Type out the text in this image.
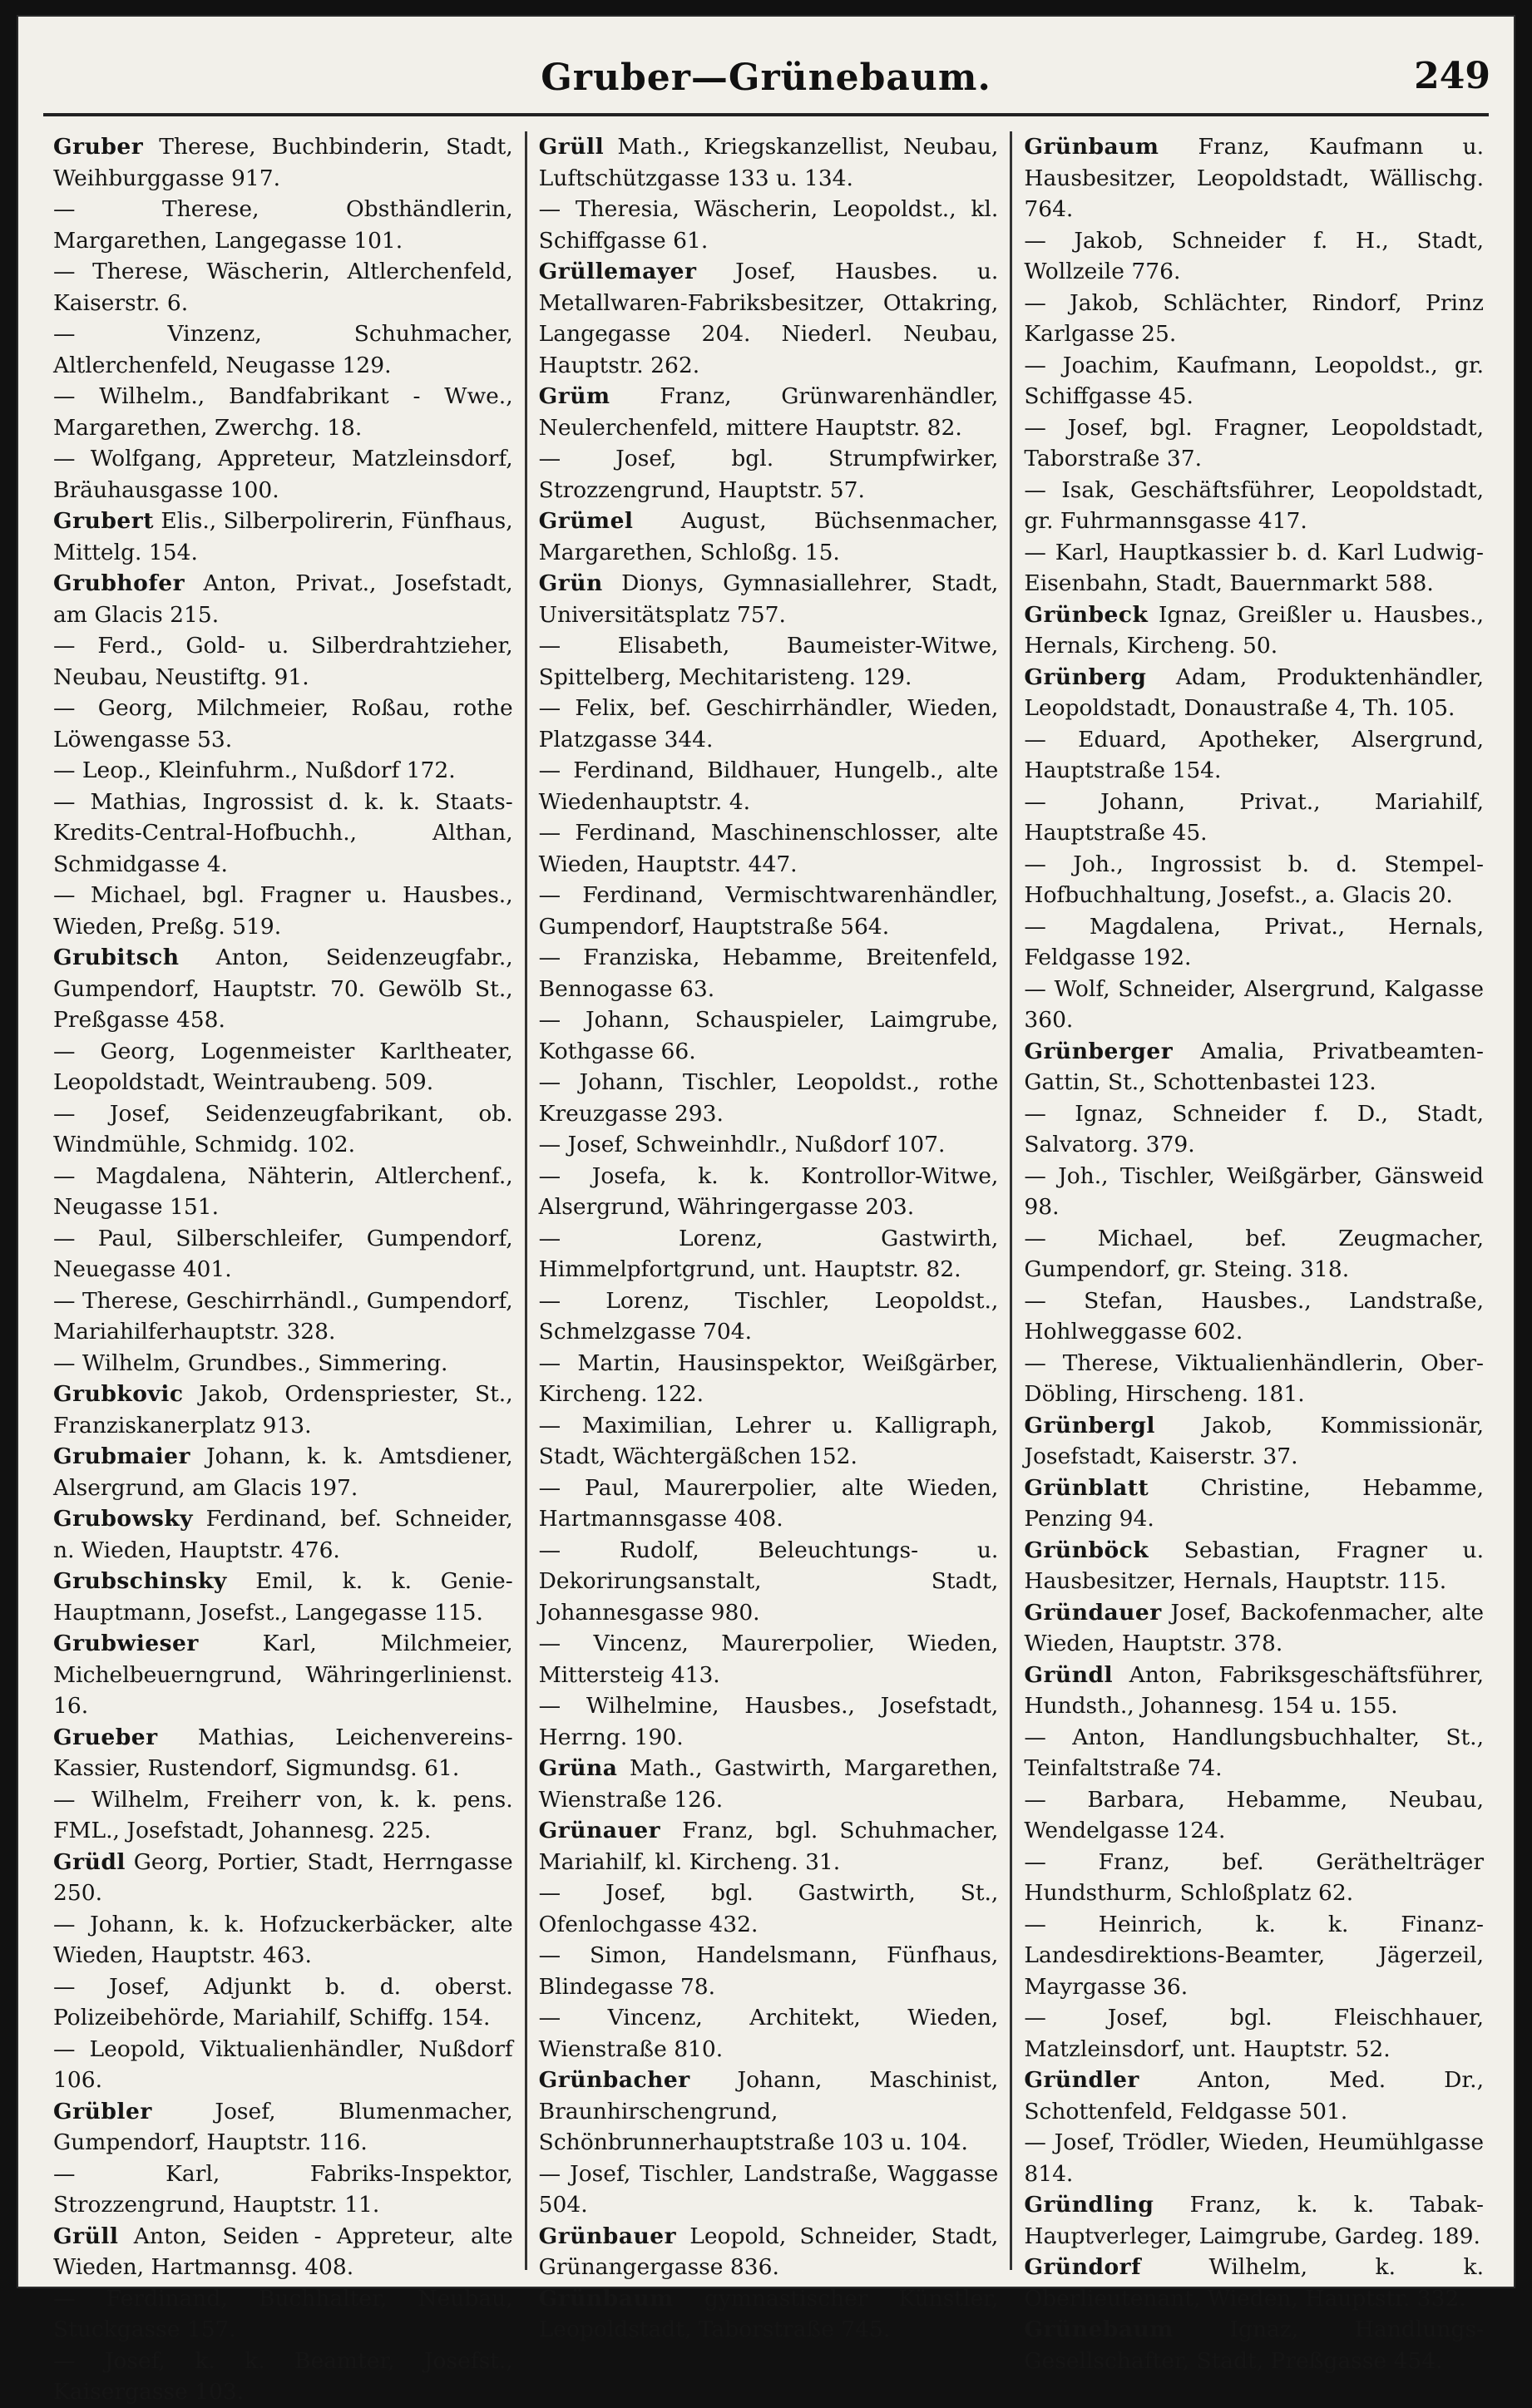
Gruber—Grünebaum.	249

Gruber Therese, Buchbinderin, Stadt, Weihburggasse 917.

— Therese, Obsthändlerin, Margarethen, Langegasse 101.

— Therese, Wäscherin, Altlerchenfeld, Kaiserstr. 6.

— Vinzenz, Schuhmacher, Altlerchenfeld, Neugasse 129.

— Wilhelm., Bandfabrikant - Wwe., Margarethen, Zwerchg. 18.

— Wolfgang, Appreteur, Matzleinsdorf, Bräuhausgasse 100.

Grubert Elis., Silberpolirerin, Fünfhaus, Mittelg. 154.

Grubhofer Anton, Privat., Josefstadt, am Glacis 215.

— Ferd., Gold- u. Silberdrahtzieher, Neubau, Neustiftg. 91.

— Georg, Milchmeier, Roßau, rothe Löwengasse 53.

— Leop., Kleinfuhrm., Nußdorf 172.

— Mathias, Ingrossist d. k. k. Staats-Kredits-Central-Hofbuchh., Althan, Schmidgasse 4.

— Michael, bgl. Fragner u. Hausbes., Wieden, Preßg. 519.

Grubitsch Anton, Seidenzeugfabr., Gumpendorf, Hauptstr. 70. Gewölb St., Preßgasse 458.

— Georg, Logenmeister Karltheater, Leopoldstadt, Weintraubeng. 509.

— Josef, Seidenzeugfabrikant, ob. Windmühle, Schmidg. 102.

— Magdalena, Nähterin, Altlerchenf., Neugasse 151.

— Paul, Silberschleifer, Gumpendorf, Neuegasse 401.

— Therese, Geschirrhändl., Gumpendorf, Mariahilferhauptstr. 328.

— Wilhelm, Grundbes., Simmering.

Grubkovic Jakob, Ordenspriester, St., Franziskanerplatz 913.

Grubmaier Johann, k. k. Amtsdiener, Alsergrund, am Glacis 197.

Grubowsky Ferdinand, bef. Schneider, n. Wieden, Hauptstr. 476.

Grubschinsky Emil, k. k. Genie-Hauptmann, Josefst., Langegasse 115.

Grubwieser	Karl, Milchmeier, Michelbeuerngrund, Währingerlinienst. 16.

Grueber Mathias, Leichenvereins-Kassier, Rustendorf, Sigmundsg. 61.

— Wilhelm, Freiherr von, k. k. pens. FML., Josefstadt, Johannesg. 225.

Grüdl Georg, Portier, Stadt, Herrngasse 250.

— Johann, k. k. Hofzuckerbäcker, alte Wieden, Hauptstr. 463.

— Josef, Adjunkt b. d. oberst. Polizeibehörde, Mariahilf, Schiffg. 154.

— Leopold, Viktualienhändler, Nußdorf 106.

Grübler	Josef, Blumenmacher, Gumpendorf, Hauptstr. 116.

— Karl, Fabriks-Inspektor, Strozzengrund, Hauptstr. 11.

Grüll Anton, Seiden - Appreteur, alte Wieden, Hartmannsg. 408.

— Ferdinand, Buchhalter, Neubau, Stuckgasse 157.

— Josef, k. k. Beamter, Josefst., Kaisergasse 103.

Grüll Math., Kriegskanzellist, Neubau, Luftschützgasse 133 u. 134.

— Theresia, Wäscherin, Leopoldst., kl. Schiffgasse 61.

Grüllemayer Josef, Hausbes. u. Metallwaren-Fabriksbesitzer, Ottakring, Langegasse 204. Niederl. Neubau, Hauptstr. 262.

Grüm Franz, Grünwarenhändler, Neulerchenfeld, mittere Hauptstr. 82.

— Josef, bgl. Strumpfwirker, Strozzengrund, Hauptstr. 57.

Grümel August, Büchsenmacher, Margarethen, Schloßg. 15.

Grün Dionys, Gymnasiallehrer, Stadt, Universitätsplatz 757.

— Elisabeth, Baumeister-Witwe, Spittelberg, Mechitaristeng. 129.

— Felix, bef. Geschirrhändler, Wieden, Platzgasse 344.

— Ferdinand, Bildhauer, Hungelb., alte Wiedenhauptstr. 4.

— Ferdinand, Maschinenschlosser, alte Wieden, Hauptstr. 447.

— Ferdinand, Vermischtwarenhändler, Gumpendorf, Hauptstraße 564.

— Franziska, Hebamme, Breitenfeld, Bennogasse 63.

— Johann, Schauspieler, Laimgrube, Kothgasse 66.

— Johann, Tischler, Leopoldst., rothe Kreuzgasse 293.

— Josef, Schweinhdlr., Nußdorf 107.

— Josefa, k. k. Kontrollor-Witwe, Alsergrund, Währingergasse 203.

— Lorenz, Gastwirth, Himmelpfortgrund, unt. Hauptstr. 82.

— Lorenz, Tischler, Leopoldst., Schmelzgasse 704.

— Martin, Hausinspektor, Weißgärber, Kircheng. 122.

— Maximilian, Lehrer u. Kalligraph, Stadt, Wächtergäßchen 152.

— Paul, Maurerpolier, alte Wieden, Hartmannsgasse 408.

— Rudolf, Beleuchtungs- u. Dekorirungsanstalt, Stadt, Johannesgasse 980.

— Vincenz, Maurerpolier, Wieden, Mittersteig 413.

— Wilhelmine, Hausbes., Josefstadt, Herrng. 190.

Grüna Math., Gastwirth, Margarethen, Wienstraße 126.

Grünauer Franz, bgl. Schuhmacher, Mariahilf, kl. Kircheng. 31.

— Josef, bgl. Gastwirth, St., Ofenlochgasse 432.

— Simon, Handelsmann, Fünfhaus, Blindegasse 78.

— Vincenz, Architekt, Wieden, Wienstraße 810.

Grünbacher Johann, Maschinist, Braunhirschengrund, Schönbrunnerhauptstraße 103 u. 104.

— Josef, Tischler, Landstraße, Waggasse 504.

Grünbauer Leopold, Schneider, Stadt, Grünangergasse 836.

Grünbaum gymnastischer Künstler, Leopoldstadt, Taborstraße 745.

Grünbaum Franz, Kaufmann u. Hausbesitzer, Leopoldstadt, Wällischg. 764.

— Jakob, Schneider f. H., Stadt, Wollzeile 776.

— Jakob, Schlächter, Rindorf, Prinz Karlgasse 25.

— Joachim, Kaufmann, Leopoldst., gr. Schiffgasse 45.

— Josef, bgl. Fragner, Leopoldstadt, Taborstraße 37.

— Isak, Geschäftsführer, Leopoldstadt, gr. Fuhrmannsgasse 417.

— Karl, Hauptkassier b. d. Karl Ludwig-Eisenbahn, Stadt, Bauernmarkt 588.

Grünbeck Ignaz, Greißler u. Hausbes., Hernals, Kircheng. 50.

Grünberg Adam, Produktenhändler, Leopoldstadt, Donaustraße 4, Th. 105.

— Eduard, Apotheker, Alsergrund, Hauptstraße 154.

— Johann, Privat., Mariahilf, Hauptstraße 45.

— Joh., Ingrossist b. d. Stempel-Hofbuchhaltung, Josefst., a. Glacis 20.

— Magdalena, Privat., Hernals, Feldgasse 192.

— Wolf, Schneider, Alsergrund, Kalgasse 360.

Grünberger Amalia, Privatbeamten-Gattin, St., Schottenbastei 123.

— Ignaz, Schneider f. D., Stadt, Salvatorg. 379.

— Joh., Tischler, Weißgärber, Gänsweid 98.

— Michael, bef. Zeugmacher, Gumpendorf, gr. Steing. 318.

— Stefan, Hausbes., Landstraße, Hohlweggasse 602.

— Therese, Viktualienhändlerin, Ober-Döbling, Hirscheng. 181.

Grünbergl Jakob, Kommissionär, Josefstadt, Kaiserstr. 37.

Grünblatt Christine, Hebamme, Penzing 94.

Grünböck Sebastian, Fragner u. Hausbesitzer, Hernals, Hauptstr. 115.

Gründauer Josef, Backofenmacher, alte Wieden, Hauptstr. 378.

Gründl Anton, Fabriksgeschäftsführer, Hundsth., Johannesg. 154 u. 155.

— Anton, Handlungsbuchhalter, St., Teinfaltstraße 74.

— Barbara, Hebamme, Neubau, Wendelgasse 124.

— Franz, bef. Geräthelträger Hundsthurm, Schloßplatz 62.

— Heinrich, k. k. Finanz-Landesdirektions-Beamter, Jägerzeil, Mayrgasse 36.

— Josef, bgl. Fleischhauer, Matzleinsdorf, unt. Hauptstr. 52.

Gründler	Anton, Med. Dr., Schottenfeld, Feldgasse 501.

— Josef, Trödler, Wieden, Heumühlgasse 814.

Gründling Franz, k. k. Tabak-Hauptverleger, Laimgrube, Gardeg. 189.

Gründorf	Wilhelm, k. k. Oberlieutenant, Wieden, Hauptstr. 332.

Grünebaum	Ignaz, Handlungs-Gesellschafter, Stadt, Preßgasse 454.
